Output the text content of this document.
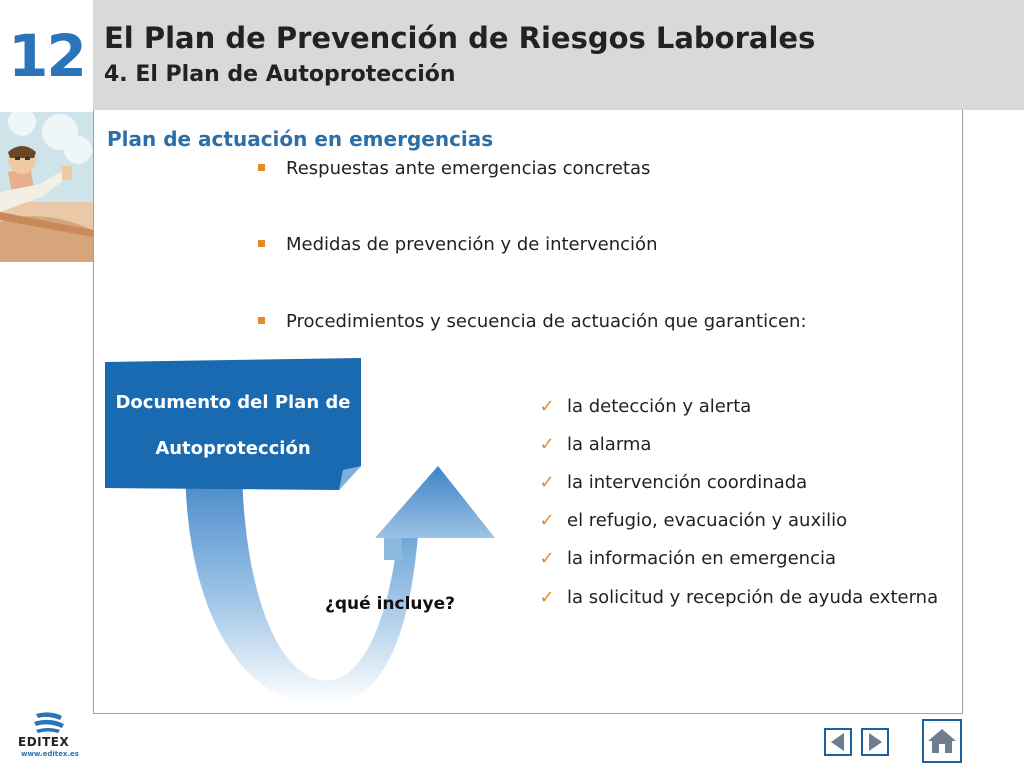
12 El Plan de Prevención de Riesgos Laborales
4. El Plan de Autoprotección
Plan de actuación en emergencias
Respuestas ante emergencias concretas
Medidas de prevención y de intervención
Procedimientos y secuencia de actuación que garanticen:
Documento del Plan de
Autoprotección
¿qué incluye?
✓ la detección y alerta
✓ la alarma
✓ la intervención coordinada
✓ el refugio, evacuación y auxilio
✓ la información en emergencia
✓ la solicitud y recepción de ayuda externa
EDITEX
www.editex.es
